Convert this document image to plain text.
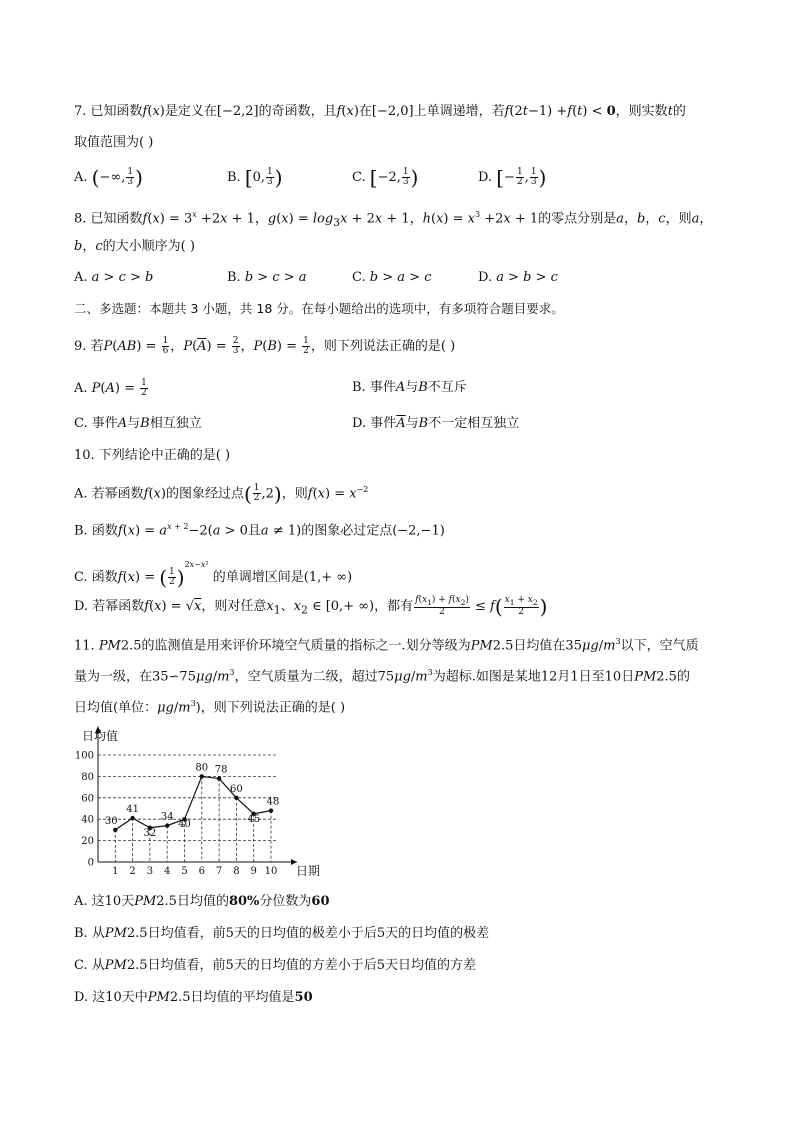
7. 已知函数f(x)是定义在[−2,2]的奇函数，且f(x)在[−2,0]上单调递增，若f(2t−1) +f(t) < 0，则实数t的
取值范围为( )
A. (−∞, $\frac{1}{3}$ )	B. [0, $\frac{1}{3}$ )	C. [−2, $\frac{1}{3}$ )	D. [− $\frac{1}{2}$ , $\frac{1}{3}$ )
8. 已知函数$f(x) = 3^x +2x + 1$，$g(x) = \log_3x + 2x + 1$，$h(x) = x^3 +2x + 1$的零点分别是a，b，c，则a，
b，c的大小顺序为( )
A. a > c > b	B. b > c > a	C. b > a > c	D. a > b > c
二、多选题：本题共 3 小题，共 18 分。在每小题给出的选项中，有多项符合题目要求。
9. 若$P(AB) = \frac{1}{6}$ ，$P(\overline{A}) = \frac{2}{3}$ ，$P(B) = \frac{1}{2}$ ，则下列说法正确的是( )
A. $P(A) = \frac{1}{2}$	B. 事件A与B不互斥
C. 事件A与B相互独立	D. 事件$\overline{A}$与B不一定相互独立
10. 下列结论中正确的是( )
A. 若幂函数f(x)的图象经过点( $\frac{1}{2} ,2$)，则$f(x) = x^{-2}$
B. 函数$f(x) = a^{x + 2}-2(a > 0$且a ≠ 1)的图象必过定点(−2,−1)
C. 函数f(x) = ( $\frac{1}{2} )^{2x-x^2}$ 的单调增区间是(1,+ ∞)
D. 若幂函数f(x) = √x，则对任意$x_1$、$x_2$ ∈ [0,+ ∞)，都有 $\frac{f(x_1) + f(x_2)}{2} \le f( \frac{x_1 + x_2}{2}$ )
11. PM2.5的监测值是用来评价环境空气质量的指标之一.划分等级为PM2.5日均值在$35\mu g/m^3$以下，空气质
量为一级，在$35∽75\mu g/m^3$，空气质量为二级，超过$75\mu g/m^3$为超标.如图是某地12月1日至10日PM2.5的
日均值(单位：$\mu g/m^3$)，则下列说法正确的是( )
0
20
40
60
80
100
1 2 3 4 5 6 7 8 9 10
30
41
32
34
40
80 78
60
45
48
日均值
日期
A. 这10天PM2.5日均值的80%分位数为60
B. 从PM2.5日均值看，前5天的日均值的极差小于后5天的日均值的极差
C. 从PM2.5日均值看，前5天的日均值的方差小于后5天日均值的方差
D. 这10天中PM2.5日均值的平均值是50
